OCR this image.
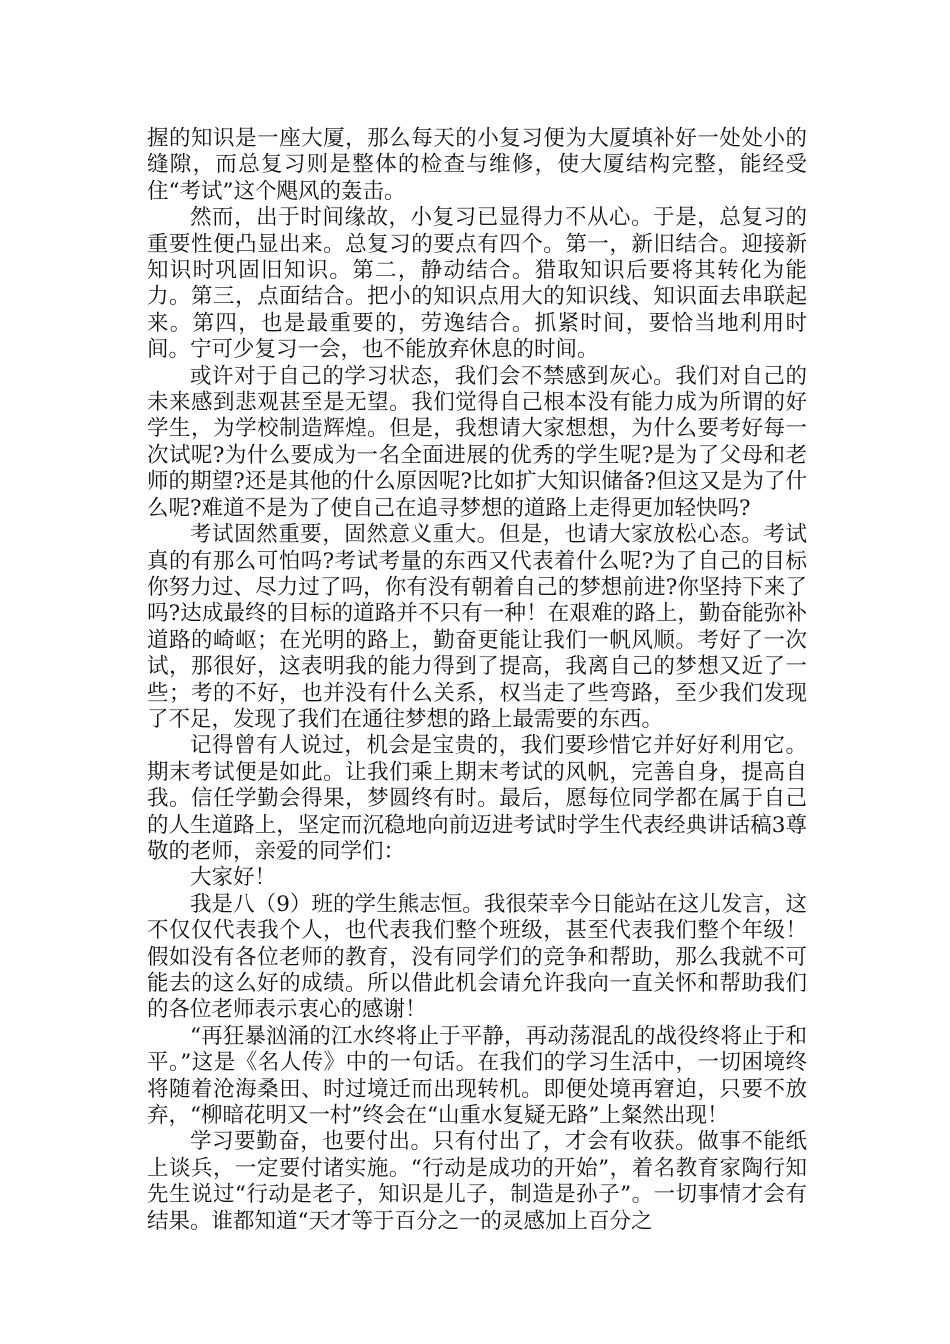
握的知识是一座大厦，那么每天的小复习便为大厦填补好一处处小的缝隙，而总复习则是整体的检查与维修，使大厦结构完整，能经受住“考试”这个飓风的轰击。

然而，出于时间缘故，小复习已显得力不从心。于是，总复习的重要性便凸显出来。总复习的要点有四个。第一，新旧结合。迎接新知识时巩固旧知识。第二，静动结合。猎取知识后要将其转化为能力。第三，点面结合。把小的知识点用大的知识线、知识面去串联起来。第四，也是最重要的，劳逸结合。抓紧时间，要恰当地利用时间。宁可少复习一会，也不能放弃休息的时间。

或许对于自己的学习状态，我们会不禁感到灰心。我们对自己的未来感到悲观甚至是无望。我们觉得自己根本没有能力成为所谓的好学生，为学校制造辉煌。但是，我想请大家想想，为什么要考好每一次试呢?为什么要成为一名全面进展的优秀的学生呢?是为了父母和老师的期望?还是其他的什么原因呢?比如扩大知识储备?但这又是为了什么呢?难道不是为了使自己在追寻梦想的道路上走得更加轻快吗?

考试固然重要，固然意义重大。但是，也请大家放松心态。考试真的有那么可怕吗?考试考量的东西又代表着什么呢?为了自己的目标你努力过、尽力过了吗，你有没有朝着自己的梦想前进?你坚持下来了吗?达成最终的目标的道路并不只有一种！在艰难的路上，勤奋能弥补道路的崎岖；在光明的路上，勤奋更能让我们一帆风顺。考好了一次试，那很好，这表明我的能力得到了提高，我离自己的梦想又近了一些；考的不好，也并没有什么关系，权当走了些弯路，至少我们发现了不足，发现了我们在通往梦想的路上最需要的东西。

记得曾有人说过，机会是宝贵的，我们要珍惜它并好好利用它。期末考试便是如此。让我们乘上期末考试的风帆，完善自身，提高自我。信任学勤会得果，梦圆终有时。最后，愿每位同学都在属于自己的人生道路上，坚定而沉稳地向前迈进考试时学生代表经典讲话稿3尊敬的老师，亲爱的同学们：

大家好！

我是八（9）班的学生熊志恒。我很荣幸今日能站在这儿发言，这不仅仅代表我个人，也代表我们整个班级，甚至代表我们整个年级！假如没有各位老师的教育，没有同学们的竞争和帮助，那么我就不可能去的这么好的成绩。所以借此机会请允许我向一直关怀和帮助我们的各位老师表示衷心的感谢！

“再狂暴汹涌的江水终将止于平静，再动荡混乱的战役终将止于和平。”这是《名人传》中的一句话。在我们的学习生活中，一切困境终将随着沧海桑田、时过境迁而出现转机。即便处境再窘迫，只要不放弃，“柳暗花明又一村”终会在“山重水复疑无路”上粲然出现！

学习要勤奋，也要付出。只有付出了，才会有收获。做事不能纸上谈兵，一定要付诸实施。“行动是成功的开始”，着名教育家陶行知先生说过“行动是老子，知识是儿子，制造是孙子”。一切事情才会有结果。谁都知道“天才等于百分之一的灵感加上百分之
